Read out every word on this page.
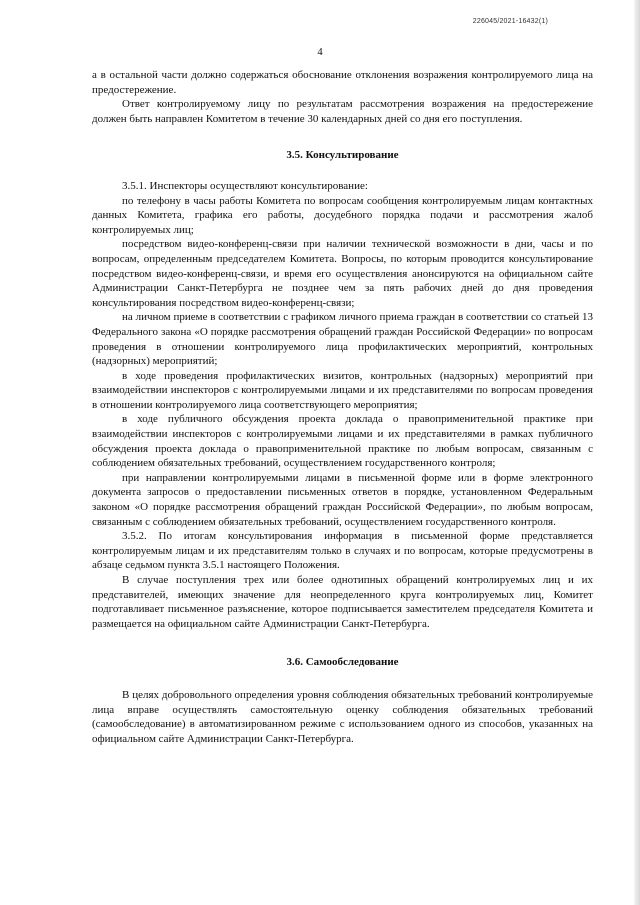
226045/2021-16432(1)
4

а в остальной части должно содержаться обоснование отклонения возражения контролируемого лица на предостережение.

Ответ контролируемому лицу по результатам рассмотрения возражения на предостережение должен быть направлен Комитетом в течение 30 календарных дней со дня его поступления.

3.5. Консультирование

3.5.1. Инспекторы осуществляют консультирование:

по телефону в часы работы Комитета по вопросам сообщения контролируемым лицам контактных данных Комитета, графика его работы, досудебного порядка подачи и рассмотрения жалоб контролируемых лиц;

посредством видео-конференц-связи при наличии технической возможности в дни, часы и по вопросам, определенным председателем Комитета. Вопросы, по которым проводится консультирование посредством видео-конференц-связи, и время его осуществления анонсируются на официальном сайте Администрации Санкт-Петербурга не позднее чем за пять рабочих дней до дня проведения консультирования посредством видео-конференц-связи;

на личном приеме в соответствии с графиком личного приема граждан в соответствии со статьей 13 Федерального закона «О порядке рассмотрения обращений граждан Российской Федерации» по вопросам проведения в отношении контролируемого лица профилактических мероприятий, контрольных (надзорных) мероприятий;

в ходе проведения профилактических визитов, контрольных (надзорных) мероприятий при взаимодействии инспекторов с контролируемыми лицами и их представителями по вопросам проведения в отношении контролируемого лица соответствующего мероприятия;

в ходе публичного обсуждения проекта доклада о правоприменительной практике при взаимодействии инспекторов с контролируемыми лицами и их представителями в рамках публичного обсуждения проекта доклада о правоприменительной практике по любым вопросам, связанным с соблюдением обязательных требований, осуществлением государственного контроля;

при направлении контролируемыми лицами в письменной форме или в форме электронного документа запросов о предоставлении письменных ответов в порядке, установленном Федеральным законом «О порядке рассмотрения обращений граждан Российской Федерации», по любым вопросам, связанным с соблюдением обязательных требований, осуществлением государственного контроля.

3.5.2. По итогам консультирования информация в письменной форме представляется контролируемым лицам и их представителям только в случаях и по вопросам, которые предусмотрены в абзаце седьмом пункта 3.5.1 настоящего Положения.

В случае поступления трех или более однотипных обращений контролируемых лиц и их представителей, имеющих значение для неопределенного круга контролируемых лиц, Комитет подготавливает письменное разъяснение, которое подписывается заместителем председателя Комитета и размещается на официальном сайте Администрации Санкт-Петербурга.

3.6. Самообследование

В целях добровольного определения уровня соблюдения обязательных требований контролируемые лица вправе осуществлять самостоятельную оценку соблюдения обязательных требований (самообследование) в автоматизированном режиме с использованием одного из способов, указанных на официальном сайте Администрации Санкт-Петербурга.
